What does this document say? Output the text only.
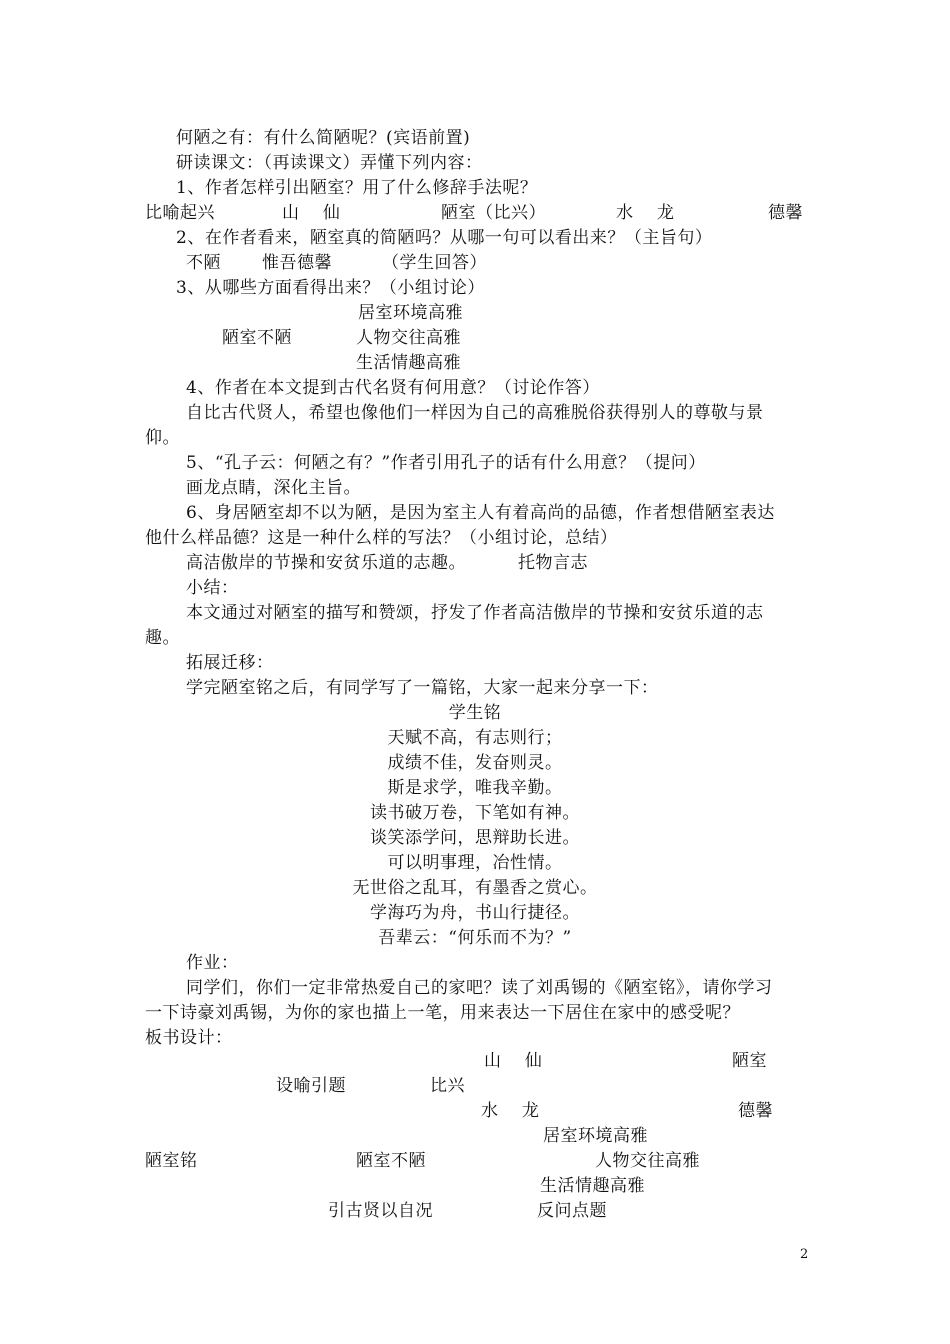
何陋之有：有什么简陋呢？(宾语前置)
研读课文：（再读课文）弄懂下列内容：
1、作者怎样引出陋室？用了什么修辞手法呢？
比喻起兴	山　 仙	陋室（比兴）	水　 龙	德馨
2、在作者看来，陋室真的简陋吗？从哪一句可以看出来？（主旨句）
不陋 惟吾德馨	（学生回答）
3、从哪些方面看得出来？（小组讨论）
居室环境高雅
陋室不陋	人物交往高雅
生活情趣高雅
4、作者在本文提到古代名贤有何用意？（讨论作答）
自比古代贤人，希望也像他们一样因为自己的高雅脱俗获得别人的尊敬与景
仰。
5、“孔子云：何陋之有？”作者引用孔子的话有什么用意？（提问）
画龙点睛，深化主旨。
6、身居陋室却不以为陋，是因为室主人有着高尚的品德，作者想借陋室表达
他什么样品德？这是一种什么样的写法？（小组讨论，总结）
高洁傲岸的节操和安贫乐道的志趣。	托物言志
小结：
本文通过对陋室的描写和赞颂，抒发了作者高洁傲岸的节操和安贫乐道的志
趣。
拓展迁移：
学完陋室铭之后，有同学写了一篇铭，大家一起来分享一下：
学生铭
天赋不高，有志则行；
成绩不佳，发奋则灵。
斯是求学，唯我辛勤。
读书破万卷，下笔如有神。
谈笑添学问，思辩助长进。
可以明事理，冶性情。
无世俗之乱耳，有墨香之赏心。
学海巧为舟，书山行捷径。
吾辈云：“何乐而不为？”
作业：
同学们，你们一定非常热爱自己的家吧？读了刘禹锡的《陋室铭》，请你学习
一下诗豪刘禹锡，为你的家也描上一笔，用来表达一下居住在家中的感受呢？
板书设计：
山　 仙	陋室
设喻引题	比兴
水　 龙	德馨
居室环境高雅
陋室铭	陋室不陋	人物交往高雅
生活情趣高雅
引古贤以自况	反问点题
2
